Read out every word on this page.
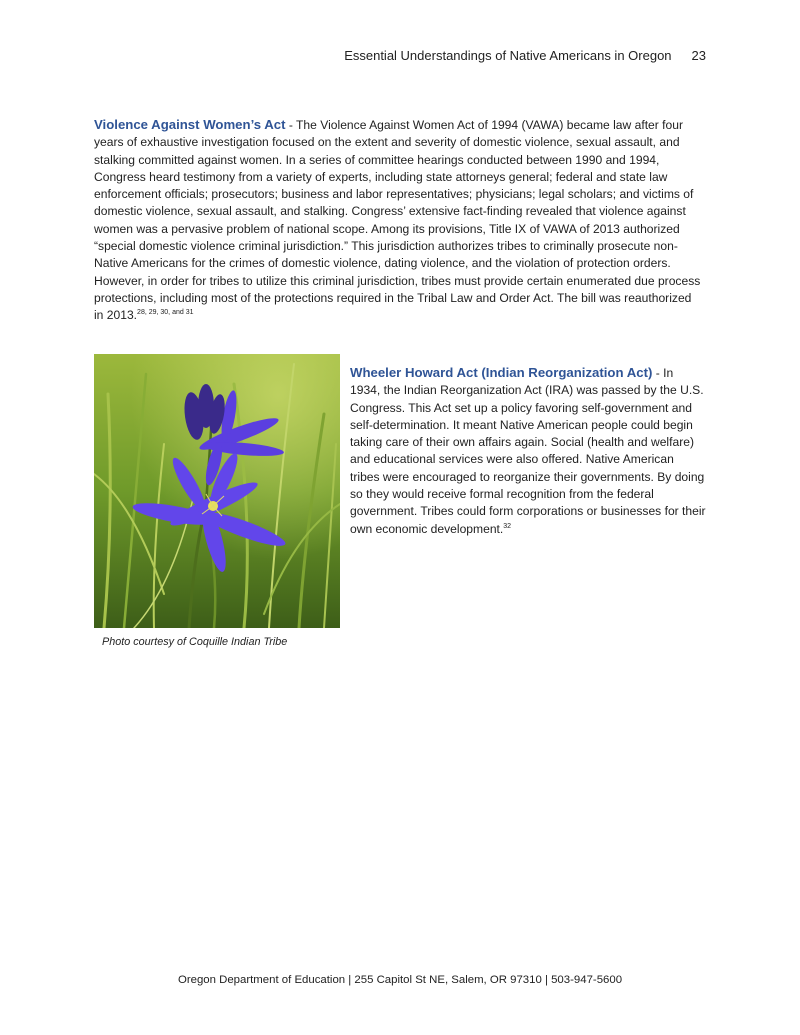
Essential Understandings of Native Americans in Oregon 23
Violence Against Women’s Act - The Violence Against Women Act of 1994 (VAWA) became law after four years of exhaustive investigation focused on the extent and severity of domestic violence, sexual assault, and stalking committed against women. In a series of committee hearings conducted between 1990 and 1994, Congress heard testimony from a variety of experts, including state attorneys general; federal and state law enforcement officials; prosecutors; business and labor representatives; physicians; legal scholars; and victims of domestic violence, sexual assault, and stalking. Congress’ extensive fact-finding revealed that violence against women was a pervasive problem of national scope. Among its provisions, Title IX of VAWA of 2013 authorized “special domestic violence criminal jurisdiction.” This jurisdiction authorizes tribes to criminally prosecute non-Native Americans for the crimes of domestic violence, dating violence, and the violation of protection orders. However, in order for tribes to utilize this criminal jurisdiction, tribes must provide certain enumerated due process protections, including most of the protections required in the Tribal Law and Order Act. The bill was reauthorized in 2013.$^{28, 29, 30, and 31}$
Photo courtesy of Coquille Indian Tribe
Wheeler Howard Act (Indian Reorganization Act) - In 1934, the Indian Reorganization Act (IRA) was passed by the U.S. Congress. This Act set up a policy favoring self-government and self-determination. It meant Native American people could begin taking care of their own affairs again. Social (health and welfare) and educational services were also offered. Native American tribes were encouraged to reorganize their governments. By doing so they would receive formal recognition from the federal government. Tribes could form corporations or businesses for their own economic development.$^{32}$
Oregon Department of Education | 255 Capitol St NE, Salem, OR 97310 | 503-947-5600
